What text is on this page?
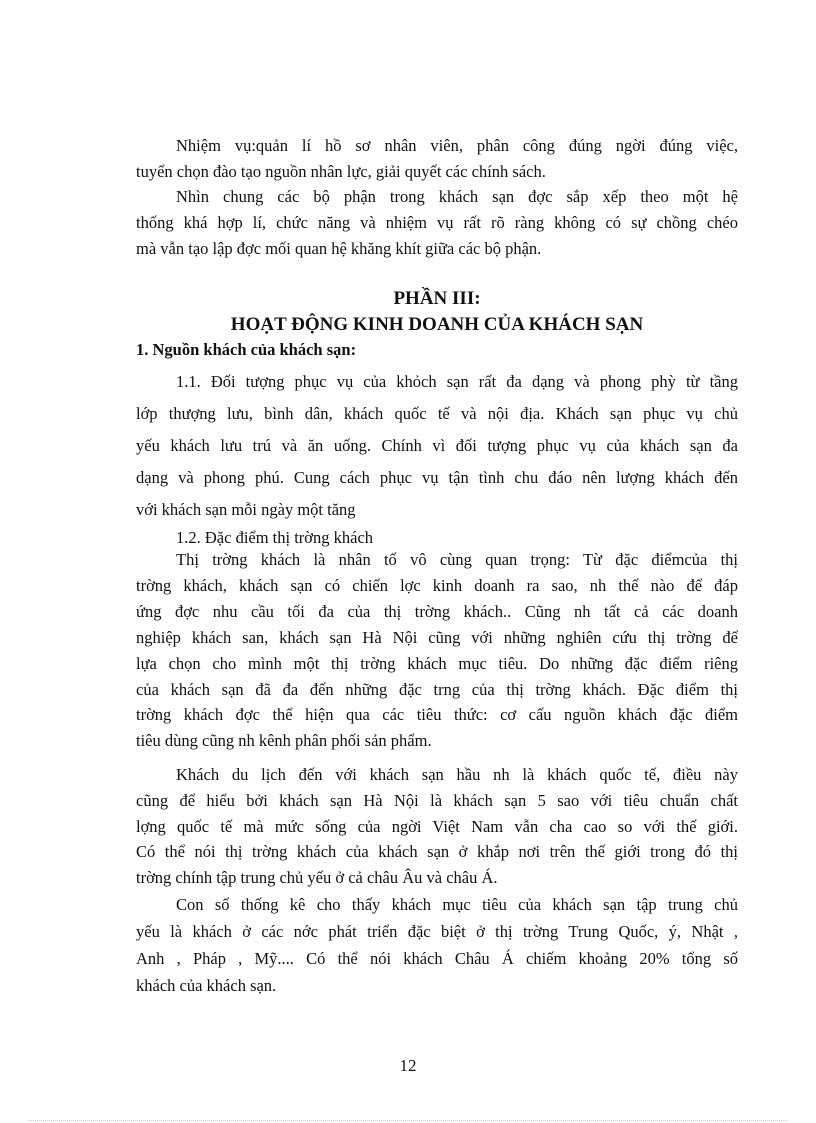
Nhiệm vụ:quản lí hồ sơ nhân viên, phân công đúng ngời đúng việc,
tuyển chọn đào tạo nguồn nhân lực, giải quyết các chính sách.
Nhìn chung các bộ phận trong khách sạn đợc sắp xếp theo một hệ
thống khá hợp lí, chức năng và nhiệm vụ rất rõ ràng không có sự chồng chéo
mà vẫn tạo lập đợc mối quan hệ khăng khít giữa các bộ phận.
PHẦN III:
HOẠT ĐỘNG KINH DOANH CỦA KHÁCH SẠN
1. Nguồn khách của khách sạn:
1.1. Đối tượng phục vụ của khỏch sạn rất đa dạng và phong phỳ từ tầng
lớp thượng lưu, bình dân, khách quốc tế và nội địa. Khách sạn phục vụ chủ
yếu khách lưu trú và ăn uống. Chính vì đối tượng phục vụ của khách sạn đa
dạng và phong phú. Cung cách phục vụ tận tình chu đáo nên lượng khách đến
với khách sạn mỗi ngày một tăng
1.2. Đặc điểm thị trờng khách
Thị trờng khách là nhân tố vô cùng quan trọng: Từ đặc điểmcủa thị
trờng khách, khách sạn có chiến lợc kinh doanh ra sao, nh thế nào để đáp
ứng đợc nhu cầu tối đa của thị trờng khách.. Cũng nh tất cả các doanh
nghiệp khách san, khách sạn Hà Nội cũng với những nghiên cứu thị trờng để
lựa chọn cho mình một thị trờng khách mục tiêu. Do những đặc điểm riêng
của khách sạn đã đa đến những đặc trng của thị trờng khách. Đặc điểm thị
trờng khách đợc thể hiện qua các tiêu thức: cơ cấu nguồn khách đặc điểm
tiêu dùng cũng nh kênh phân phối sản phẩm.
Khách du lịch đến với khách sạn hầu nh là khách quốc tế, điều này
cũng để hiểu bởi khách sạn Hà Nội là khách sạn 5 sao với tiêu chuẩn chất
lợng quốc tế mà mức sống của ngời Việt Nam vẫn cha cao so với thế giới.
Có thể nói thị trờng khách của khách sạn ở khắp nơi trên thế giới trong đó thị
trờng chính tập trung chủ yếu ở cả châu Âu và châu Á.
Con số thống kê cho thấy khách mục tiêu của khách sạn tập trung chủ
yếu là khách ở các nớc phát triển đặc biệt ở thị trờng Trung Quốc, ý, Nhật ,
Anh , Pháp , Mỹ.... Có thể nói khách Châu Á chiếm khoảng 20% tổng số
khách của khách sạn.
12
